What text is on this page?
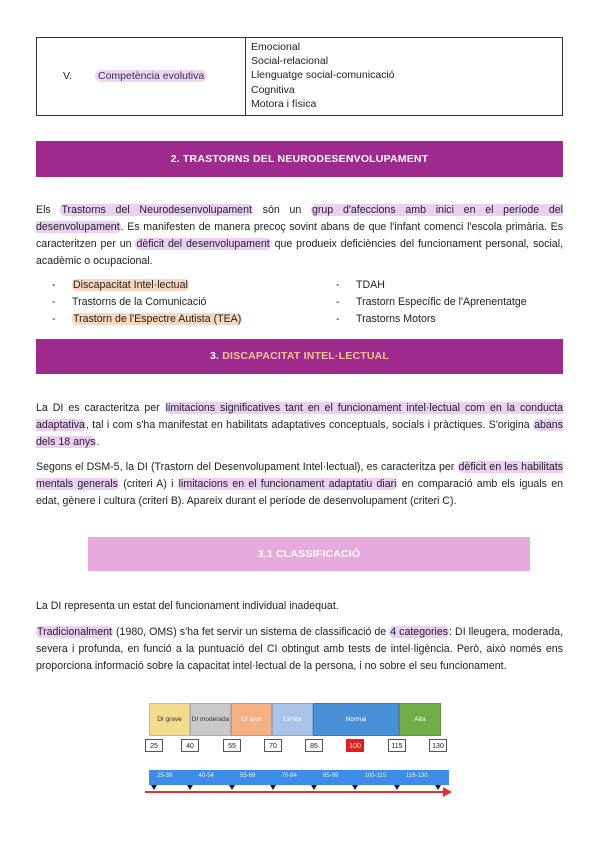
V. Competència evolutiva
Emocional
Social-relacional
Llenguatge social-comunicació
Cognitiva
Motora i física
2. TRASTORNS DEL NEURODESENVOLUPAMENT
Els Trastorns del Neurodesenvolupament són un grup d'afeccions amb inici en el període del desenvolupament. Es manifesten de manera precoç sovint abans de que l'infant comenci l'escola primària. Es caracteritzen per un dèficit del desenvolupament que produeix deficiències del funcionament personal, social, acadèmic o ocupacional.
- Discapacitat Intel·lectual
- Trastorns de la Comunicació
- Trastorn de l'Espectre Autista (TEA)
- TDAH
- Trastorn Específic de l'Aprenentatge
- Trastorns Motors
3. DISCAPACITAT INTEL·LECTUAL
La DI es caracteritza per limitacions significatives tant en el funcionament intel·lectual com en la conducta adaptativa, tal i com s'ha manifestat en habilitats adaptatives conceptuals, socials i pràctiques. S'origina abans dels 18 anys.
Segons el DSM-5, la DI (Trastorn del Desenvolupament Intel·lectual), es caracteritza per dèficit en les habilitats mentals generals (criteri A) i limitacions en el funcionament adaptatiu diari en comparació amb els iguals en edat, gènere i cultura (criteri B). Apareix durant el període de desenvolupament (criteri C).
3.1 CLASSIFICACIÓ
La DI representa un estat del funcionament individual inadequat.
Tradicionalment (1980, OMS) s'ha fet servir un sistema de classificació de 4 categories: DI lleugera, moderada, severa i profunda, en funció a la puntuació del CI obtingut amb tests de intel·ligència. Però, això només ens proporciona informació sobre la capacitat intel·lectual de la persona, i no sobre el seu funcionament.
DI grave	DI moderada	DI leve	Límite	Normal	Alta
25	40	55	70	85	100	115	130
25-39	40-54	55-69	70-84	85-99	100-115	116-130
